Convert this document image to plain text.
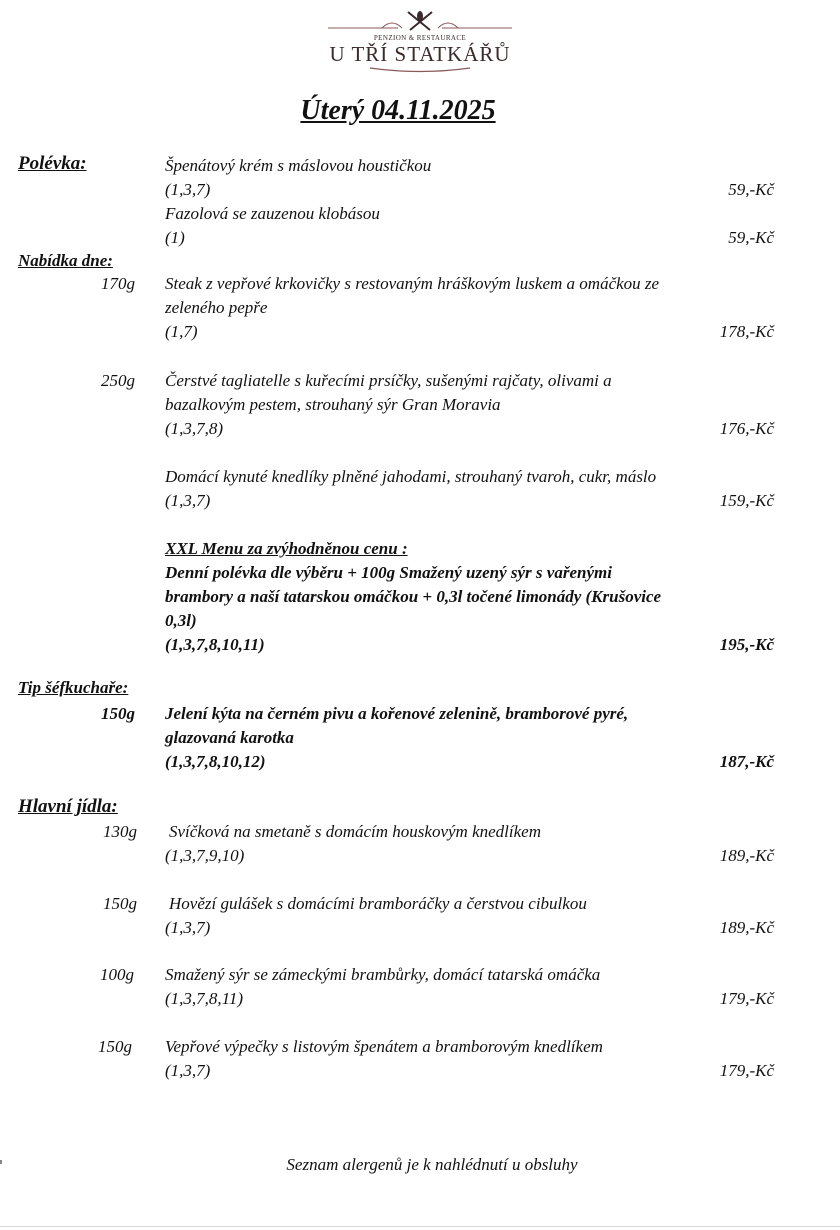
PENZION & RESTAURACE
U TŘÍ STATKÁŘŮ
Úterý 04.11.2025
Polévka:	Špenátový krém s máslovou houstičkou
(1,3,7)	59,-Kč
Fazolová se zauzenou klobásou
(1)	59,-Kč
Nabídka dne:
170g Steak z vepřové krkovičky s restovaným hráškovým luskem a omáčkou ze
zeleného pepře
(1,7)	178,-Kč
250g Čerstvé tagliatelle s kuřecími prsíčky, sušenými rajčaty, olivami a
bazalkovým pestem, strouhaný sýr Gran Moravia
(1,3,7,8)	176,-Kč
Domácí kynuté knedlíky plněné jahodami, strouhaný tvaroh, cukr, máslo
(1,3,7)	159,-Kč
XXL Menu za zvýhodněnou cenu :
Denní polévka dle výběru + 100g Smažený uzený sýr s vařenými
brambory a naší tatarskou omáčkou + 0,3l točené limonády (Krušovice
0,3l)
(1,3,7,8,10,11)	195,-Kč
Tip šéfkuchaře:
150g Jelení kýta na černém pivu a kořenové zelenině, bramborové pyré,
glazovaná karotka
(1,3,7,8,10,12)	187,-Kč
Hlavní jídla:
130g Svíčková na smetaně s domácím houskovým knedlíkem
(1,3,7,9,10)	189,-Kč
150g Hovězí gulášek s domácími bramboráčky a čerstvou cibulkou
(1,3,7)	189,-Kč
100g Smažený sýr se zámeckými brambůrky, domácí tatarská omáčka
(1,3,7,8,11)	179,-Kč
150g Vepřové výpečky s listovým špenátem a bramborovým knedlíkem
(1,3,7)	179,-Kč
Seznam alergenů je k nahlédnutí u obsluhy
